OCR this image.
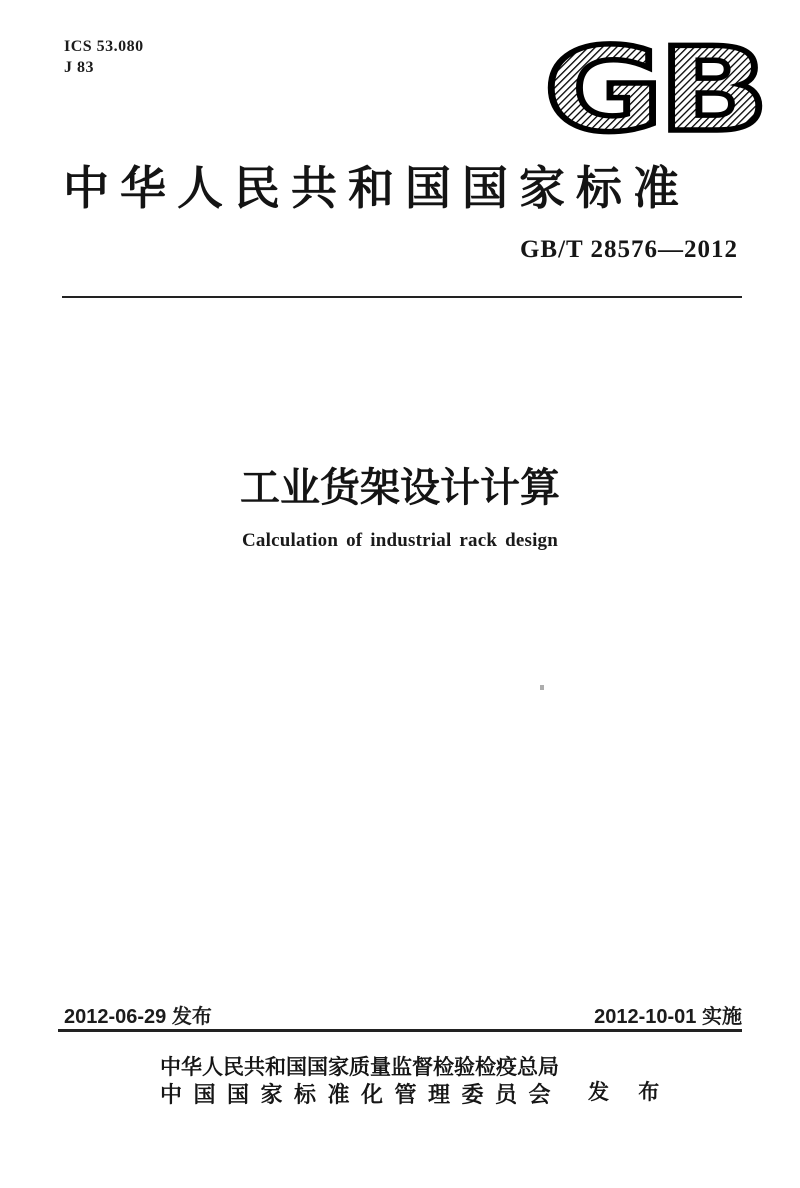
ICS 53.080
J 83	GB
中华人民共和国国家标准
GB/T 28576—2012
工业货架设计计算
Calculation of industrial rack design
2012-06-29 发布	2012-10-01 实施
中华人民共和国国家质量监督检验检疫总局
中国国家标准化管理委员会 发 布
